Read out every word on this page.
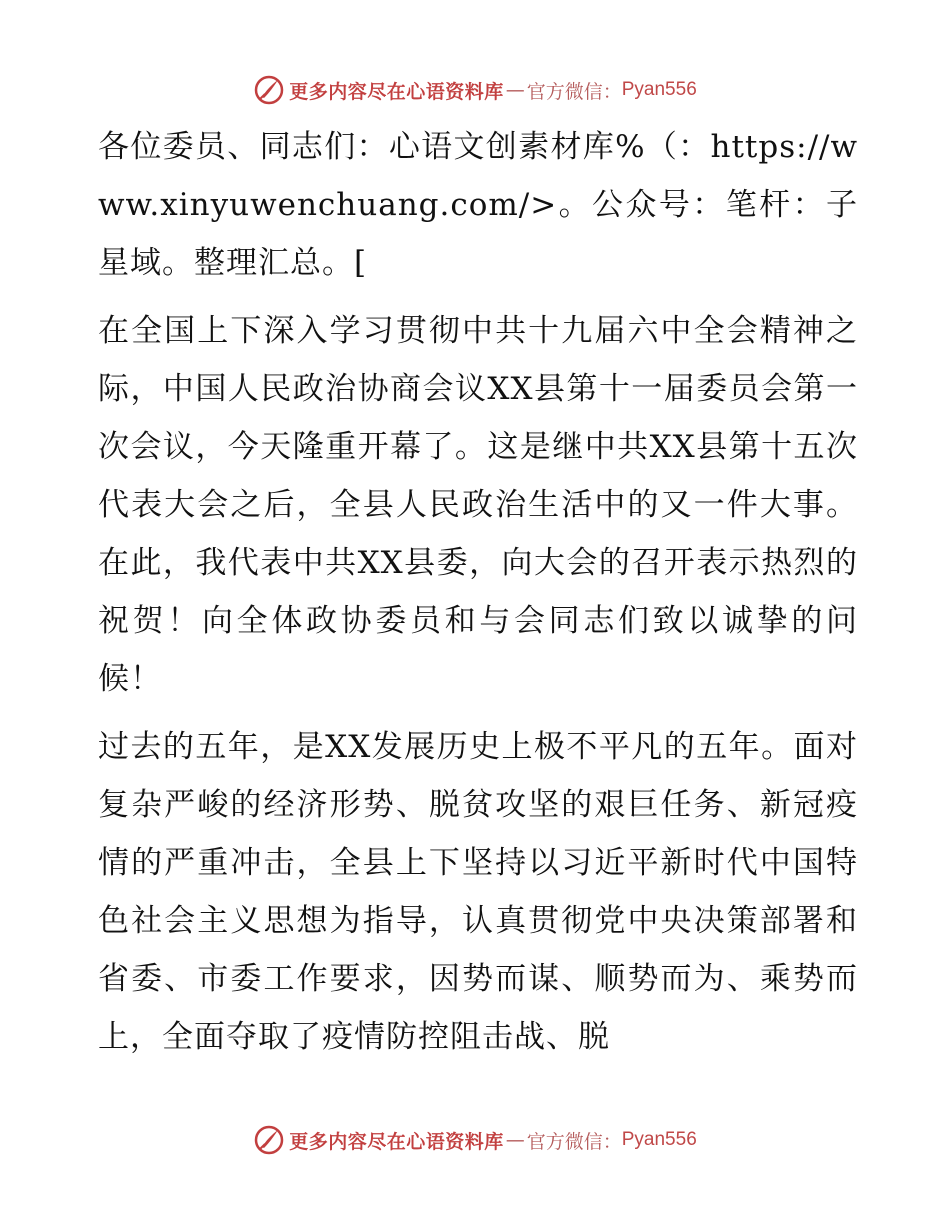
更多内容尽在心语资料库 — 官方微信： Pyan556

各位委员、同志们：心语文创素材库%（：https://www.xinyuwenchuang.com/>。公众号：笔杆：子星域。整理汇总。[

在全国上下深入学习贯彻中共十九届六中全会精神之际，中国人民政治协商会议XX县第十一届委员会第一次会议，今天隆重开幕了。这是继中共XX县第十五次代表大会之后，全县人民政治生活中的又一件大事。在此，我代表中共XX县委，向大会的召开表示热烈的祝贺！向全体政协委员和与会同志们致以诚挚的问候！

过去的五年，是XX发展历史上极不平凡的五年。面对复杂严峻的经济形势、脱贫攻坚的艰巨任务、新冠疫情的严重冲击，全县上下坚持以习近平新时代中国特色社会主义思想为指导，认真贯彻党中央决策部署和省委、市委工作要求，因势而谋、顺势而为、乘势而上，全面夺取了疫情防控阻击战、脱

更多内容尽在心语资料库 — 官方微信： Pyan556
